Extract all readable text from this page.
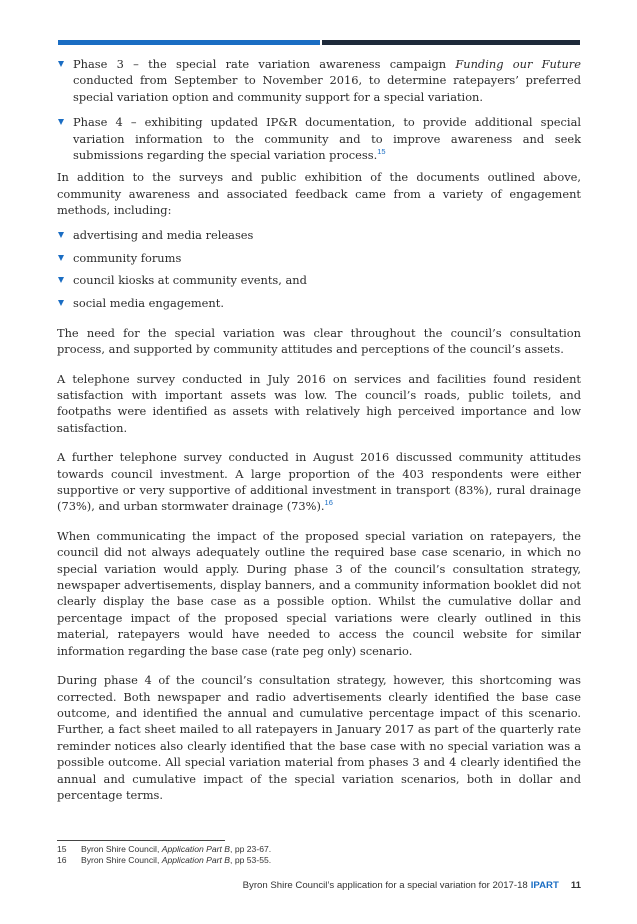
Phase 3 – the special rate variation awareness campaign Funding our Future conducted from September to November 2016, to determine ratepayers’ preferred special variation option and community support for a special variation.
Phase 4 – exhibiting updated IP&R documentation, to provide additional special variation information to the community and to improve awareness and seek submissions regarding the special variation process.$^{15}$

In addition to the surveys and public exhibition of the documents outlined above, community awareness and associated feedback came from a variety of engagement methods, including:

advertising and media releases
community forums
council kiosks at community events, and
social media engagement.

The need for the special variation was clear throughout the council’s consultation process, and supported by community attitudes and perceptions of the council’s assets.

A telephone survey conducted in July 2016 on services and facilities found resident satisfaction with important assets was low. The council’s roads, public toilets, and footpaths were identified as assets with relatively high perceived importance and low satisfaction.

A further telephone survey conducted in August 2016 discussed community attitudes towards council investment. A large proportion of the 403 respondents were either supportive or very supportive of additional investment in transport (83%), rural drainage (73%), and urban stormwater drainage (73%).$^{16}$

When communicating the impact of the proposed special variation on ratepayers, the council did not always adequately outline the required base case scenario, in which no special variation would apply. During phase 3 of the council’s consultation strategy, newspaper advertisements, display banners, and a community information booklet did not clearly display the base case as a possible option. Whilst the cumulative dollar and percentage impact of the proposed special variations were clearly outlined in this material, ratepayers would have needed to access the council website for similar information regarding the base case (rate peg only) scenario.

During phase 4 of the council’s consultation strategy, however, this shortcoming was corrected. Both newspaper and radio advertisements clearly identified the base case outcome, and identified the annual and cumulative percentage impact of this scenario. Further, a fact sheet mailed to all ratepayers in January 2017 as part of the quarterly rate reminder notices also clearly identified that the base case with no special variation was a possible outcome. All special variation material from phases 3 and 4 clearly identified the annual and cumulative impact of the special variation scenarios, both in dollar and percentage terms.

15	Byron Shire Council, Application Part B, pp 23-67.
16	Byron Shire Council, Application Part B, pp 53-55.
Byron Shire Council’s application for a special variation for 2017-18 IPART 11
